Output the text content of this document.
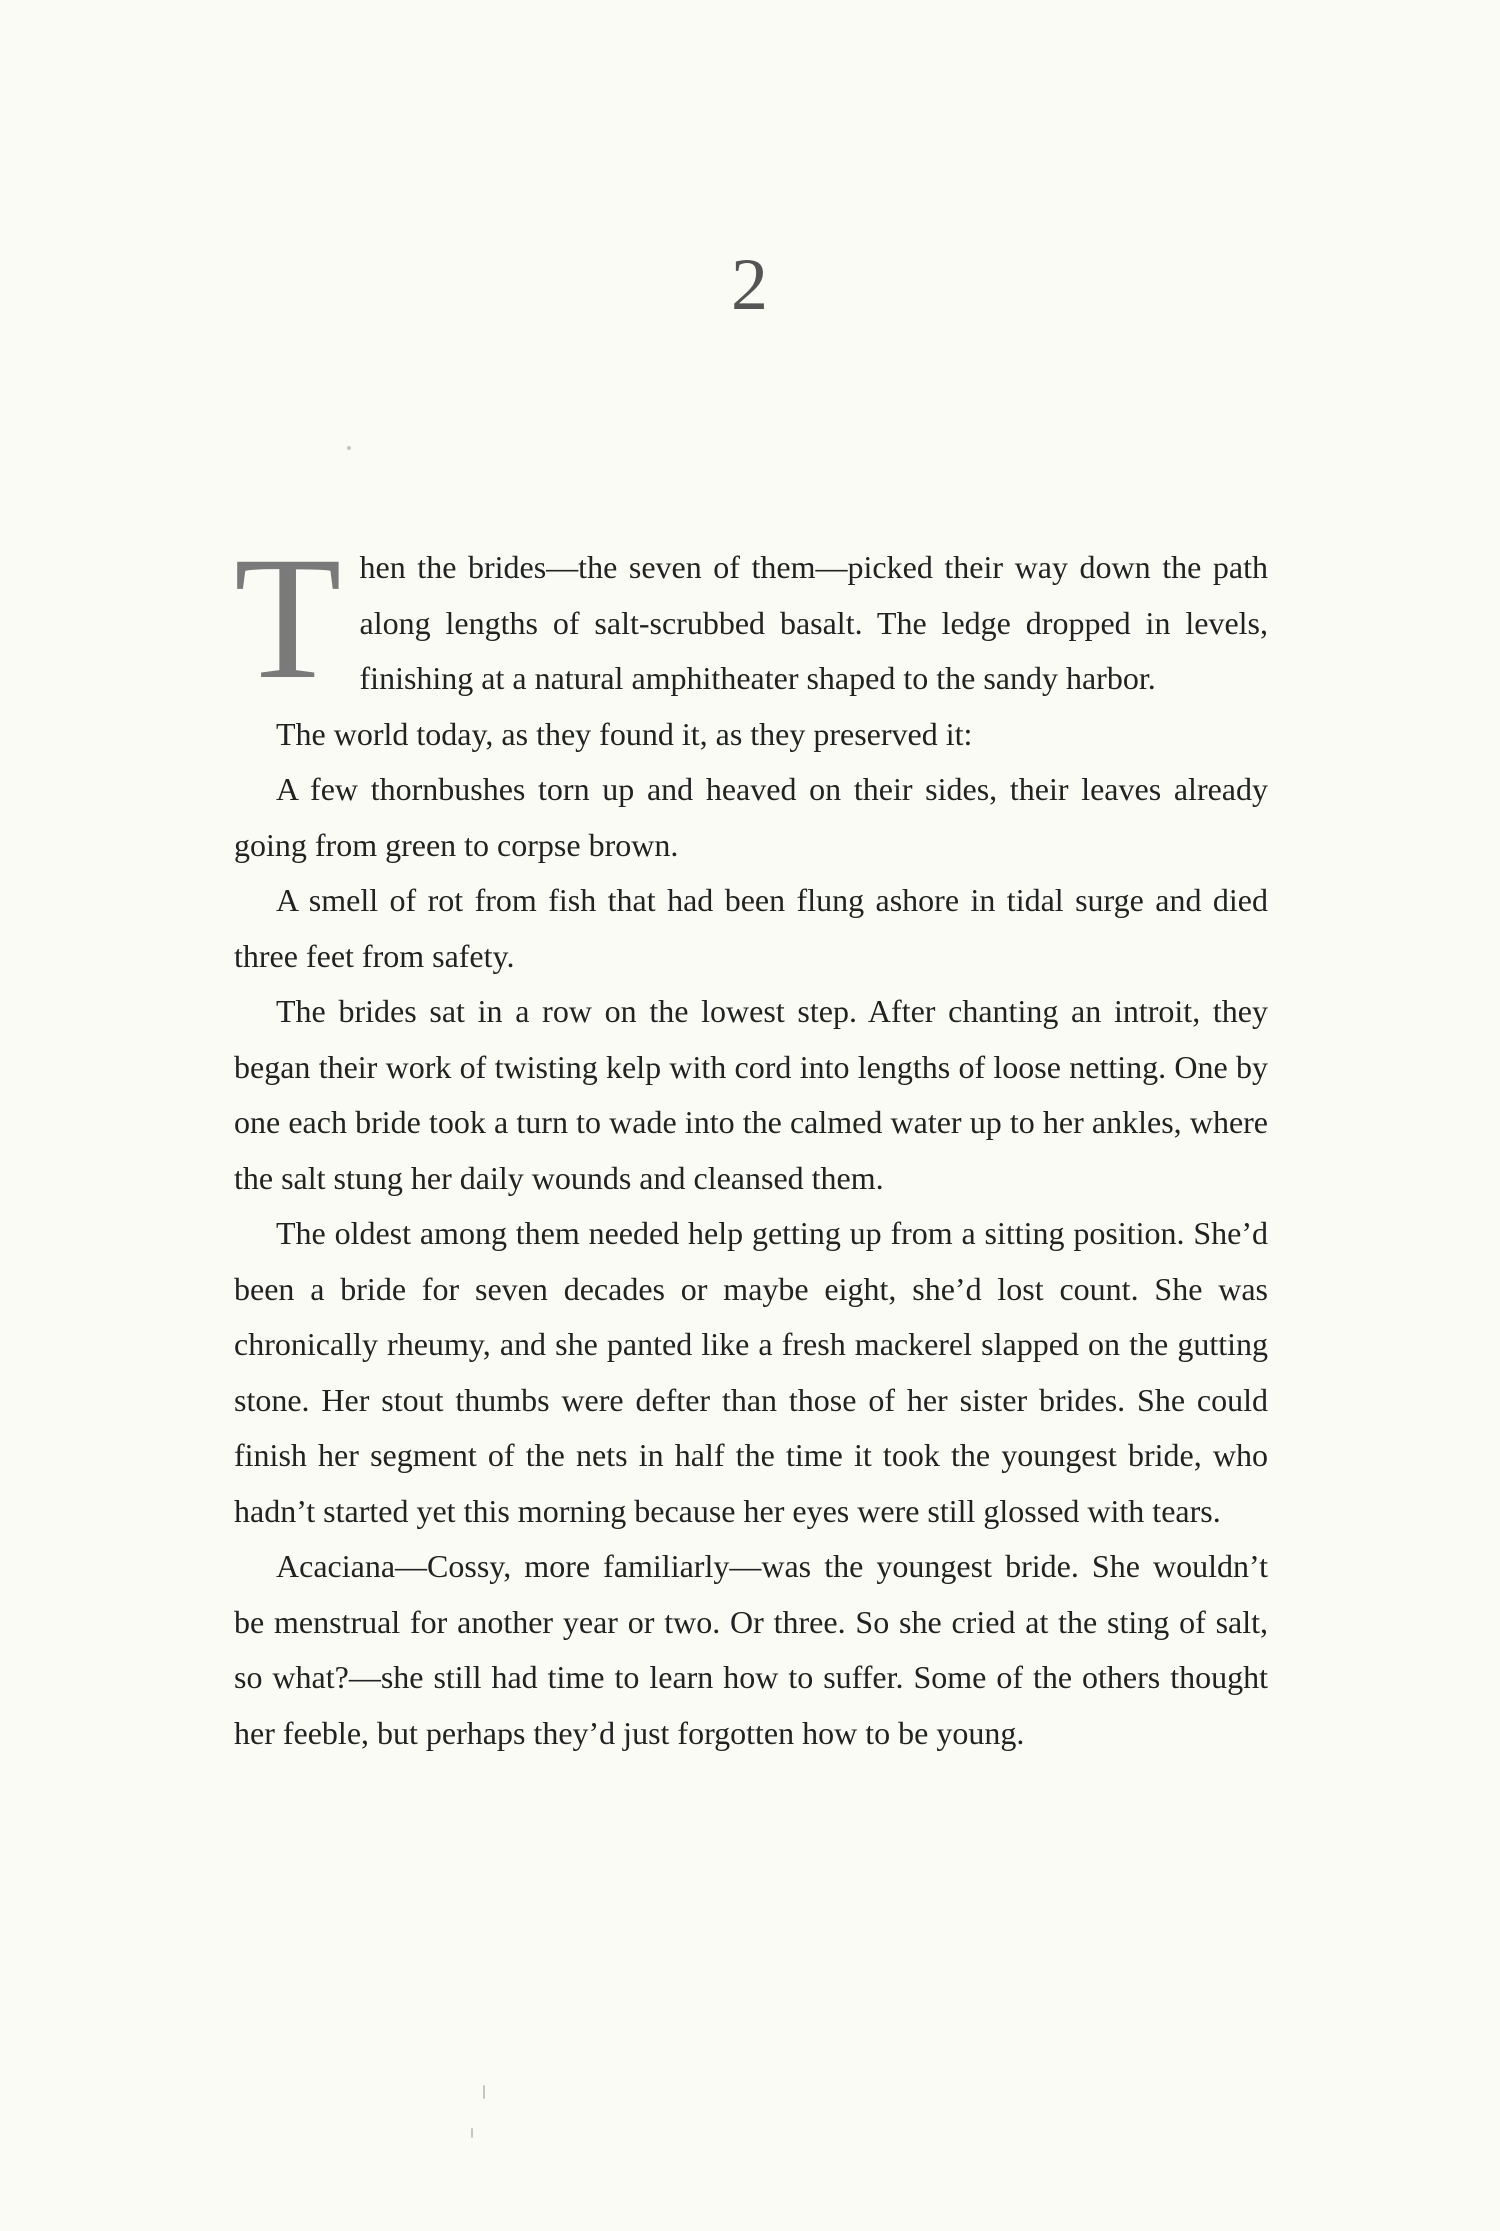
2

Then the brides—the seven of them—picked their way down the path along lengths of salt-scrubbed basalt. The ledge dropped in levels, finishing at a natural amphitheater shaped to the sandy harbor.

The world today, as they found it, as they preserved it:

A few thornbushes torn up and heaved on their sides, their leaves already going from green to corpse brown.

A smell of rot from fish that had been flung ashore in tidal surge and died three feet from safety.

The brides sat in a row on the lowest step. After chanting an introit, they began their work of twisting kelp with cord into lengths of loose netting. One by one each bride took a turn to wade into the calmed water up to her ankles, where the salt stung her daily wounds and cleansed them.

The oldest among them needed help getting up from a sitting position. She’d been a bride for seven decades or maybe eight, she’d lost count. She was chronically rheumy, and she panted like a fresh mackerel slapped on the gutting stone. Her stout thumbs were defter than those of her sister brides. She could finish her segment of the nets in half the time it took the youngest bride, who hadn’t started yet this morning because her eyes were still glossed with tears.

Acaciana—Cossy, more familiarly—was the youngest bride. She wouldn’t be menstrual for another year or two. Or three. So she cried at the sting of salt, so what?—she still had time to learn how to suffer. Some of the others thought her feeble, but perhaps they’d just forgotten how to be young.
